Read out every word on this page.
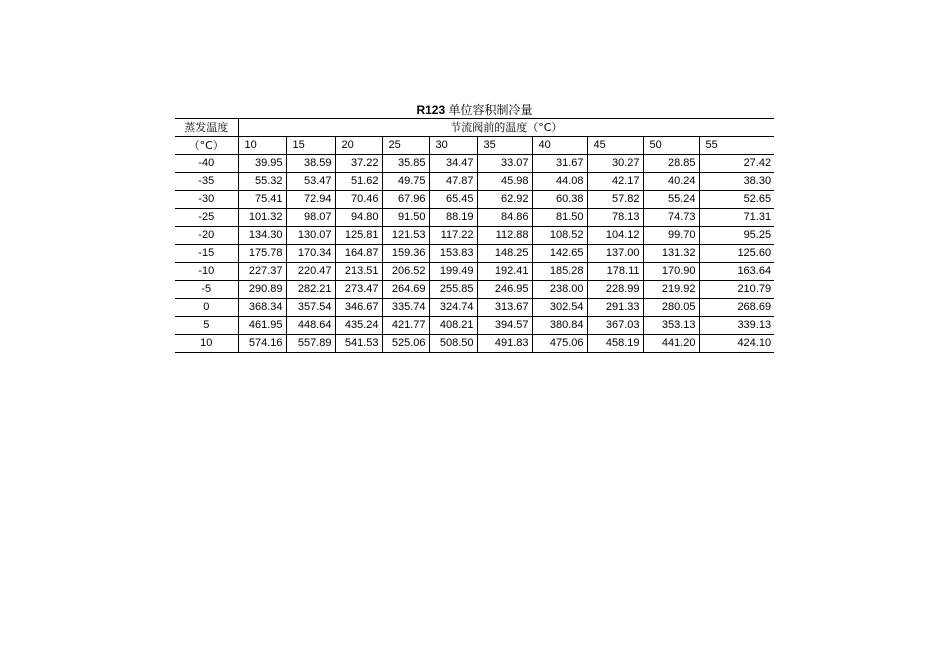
R123 单位容积制冷量
蒸发温度	节流阀前的温度（°C）									
（°C）	10	15	20	25	30	35	40	45	50	55
-40	39.95	38.59	37.22	35.85	34.47	33.07	31.67	30.27	28.85	27.42
-35	55.32	53.47	51.62	49.75	47.87	45.98	44.08	42.17	40.24	38.30
-30	75.41	72.94	70.46	67.96	65.45	62.92	60.38	57.82	55.24	52.65
-25	101.32	98.07	94.80	91.50	88.19	84.86	81.50	78.13	74.73	71.31
-20	134.30	130.07	125.81	121.53	117.22	112.88	108.52	104.12	99.70	95.25
-15	175.78	170.34	164.87	159.36	153.83	148.25	142.65	137.00	131.32	125.60
-10	227.37	220.47	213.51	206.52	199.49	192.41	185.28	178.11	170.90	163.64
-5	290.89	282.21	273.47	264.69	255.85	246.95	238.00	228.99	219.92	210.79
0	368.34	357.54	346.67	335.74	324.74	313.67	302.54	291.33	280.05	268.69
5	461.95	448.64	435.24	421.77	408.21	394.57	380.84	367.03	353.13	339.13
10	574.16	557.89	541.53	525.06	508.50	491.83	475.06	458.19	441.20	424.10
